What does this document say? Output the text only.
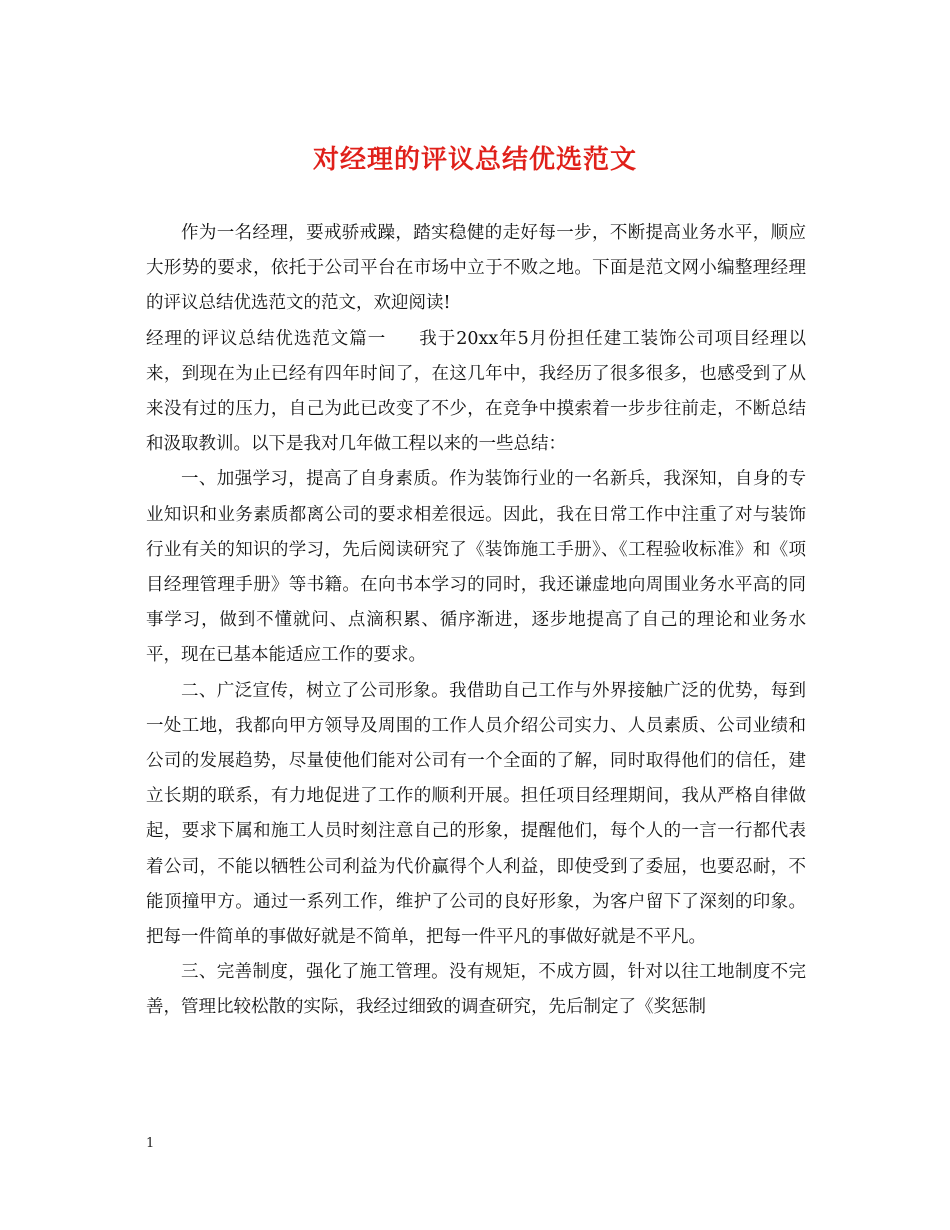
对经理的评议总结优选范文

作为一名经理，要戒骄戒躁，踏实稳健的走好每一步，不断提高业务水平，顺应大形势的要求，依托于公司平台在市场中立于不败之地。下面是范文网小编整理经理的评议总结优选范文的范文，欢迎阅读!

经理的评议总结优选范文篇一 我于20xx年5月份担任建工装饰公司项目经理以来，到现在为止已经有四年时间了，在这几年中，我经历了很多很多，也感受到了从来没有过的压力，自己为此已改变了不少，在竞争中摸索着一步步往前走，不断总结和汲取教训。以下是我对几年做工程以来的一些总结：

一、加强学习，提高了自身素质。作为装饰行业的一名新兵，我深知，自身的专业知识和业务素质都离公司的要求相差很远。因此，我在日常工作中注重了对与装饰行业有关的知识的学习，先后阅读研究了《装饰施工手册》、《工程验收标准》和《项目经理管理手册》等书籍。在向书本学习的同时，我还谦虚地向周围业务水平高的同事学习，做到不懂就问、点滴积累、循序渐进，逐步地提高了自己的理论和业务水平，现在已基本能适应工作的要求。

二、广泛宣传，树立了公司形象。我借助自己工作与外界接触广泛的优势，每到一处工地，我都向甲方领导及周围的工作人员介绍公司实力、人员素质、公司业绩和公司的发展趋势，尽量使他们能对公司有一个全面的了解，同时取得他们的信任，建立长期的联系，有力地促进了工作的顺利开展。担任项目经理期间，我从严格自律做起，要求下属和施工人员时刻注意自己的形象，提醒他们，每个人的一言一行都代表着公司，不能以牺牲公司利益为代价赢得个人利益，即使受到了委屈，也要忍耐，不能顶撞甲方。通过一系列工作，维护了公司的良好形象，为客户留下了深刻的印象。把每一件简单的事做好就是不简单，把每一件平凡的事做好就是不平凡。

三、完善制度，强化了施工管理。没有规矩，不成方圆，针对以往工地制度不完善，管理比较松散的实际，我经过细致的调查研究，先后制定了《奖惩制

1
